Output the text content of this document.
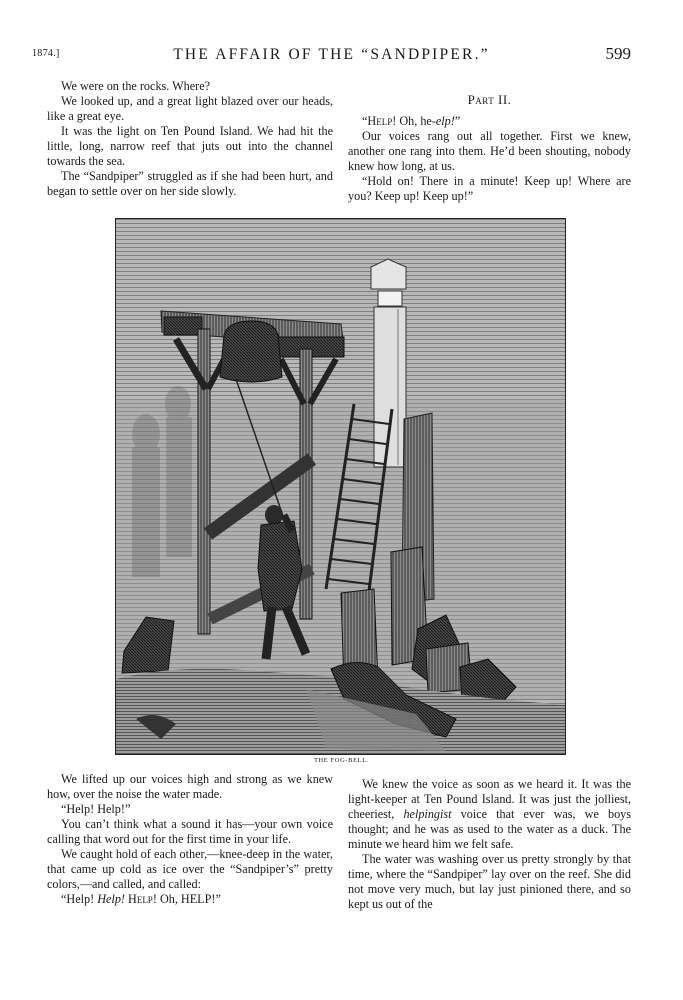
1874.]	THE AFFAIR OF THE “SANDPIPER.”	599

We were on the rocks. Where?

We looked up, and a great light blazed over our heads, like a great eye.

It was the light on Ten Pound Island. We had hit the little, long, narrow reef that juts out into the channel towards the sea.

The “Sandpiper” struggled as if she had been hurt, and began to settle over on her side slowly.

Part II.

“Help! Oh, he-elp!”

Our voices rang out all together. First we knew, another one rang into them. He’d been shouting, nobody knew how long, at us.

“Hold on! There in a minute! Keep up! Where are you? Keep up! Keep up!”

THE FOG-BELL.

We lifted up our voices high and strong as we knew how, over the noise the water made.

“Help! Help!”

You can’t think what a sound it has—your own voice calling that word out for the first time in your life.

We caught hold of each other,—knee-deep in the water, that came up cold as ice over the “Sandpiper’s” pretty colors,—and called, and called:

“Help! Help! Help! Oh, HELP!”

We knew the voice as soon as we heard it. It was the light-keeper at Ten Pound Island. It was just the jolliest, cheeriest, helpingist voice that ever was, we boys thought; and he was as used to the water as a duck. The minute we heard him we felt safe.

The water was washing over us pretty strongly by that time, where the “Sandpiper” lay over on the reef. She did not move very much, but lay just pinioned there, and so kept us out of the
